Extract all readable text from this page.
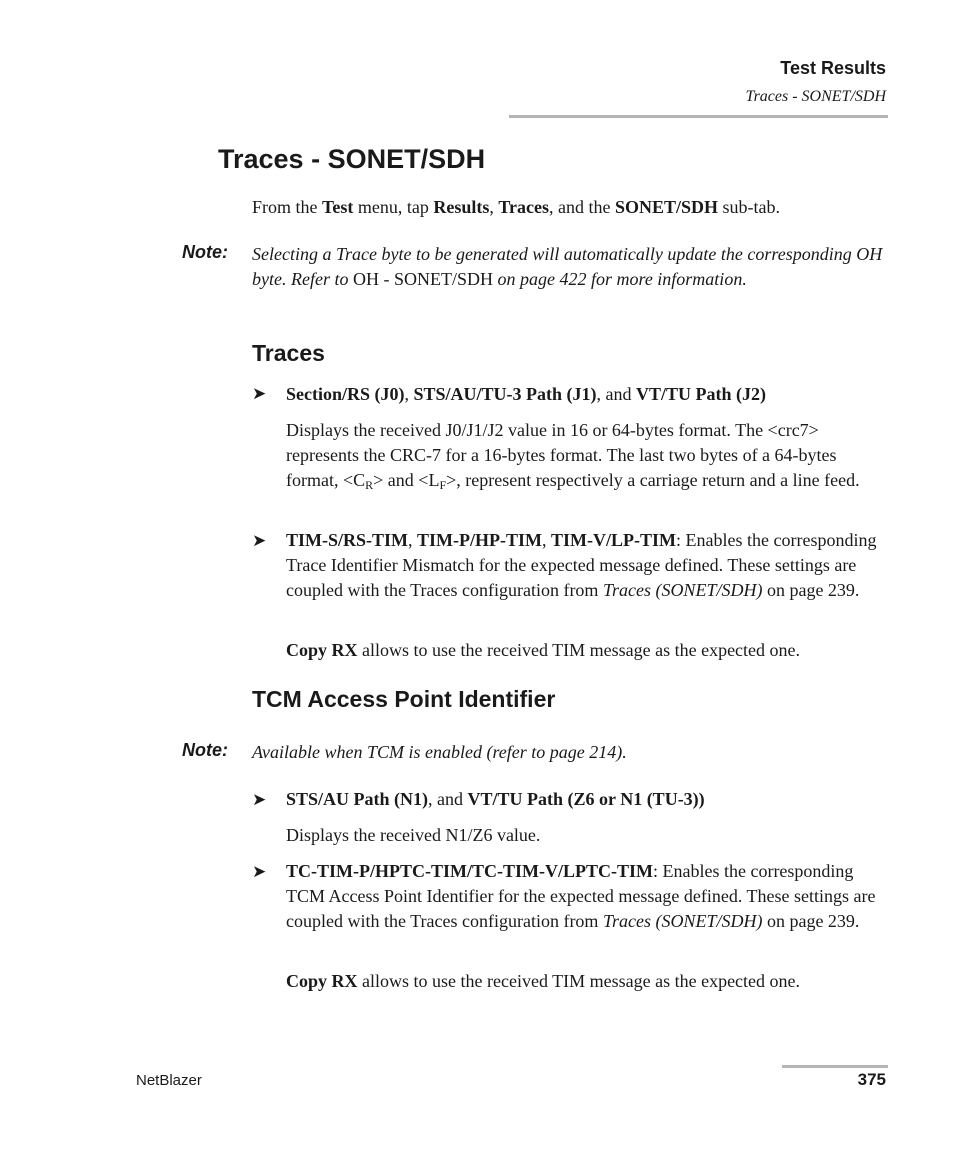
Test Results
Traces - SONET/SDH
Traces - SONET/SDH
From the Test menu, tap Results, Traces, and the SONET/SDH sub-tab.
Note: Selecting a Trace byte to be generated will automatically update the corresponding OH byte. Refer to OH - SONET/SDH on page 422 for more information.
Traces
➤ Section/RS (J0), STS/AU/TU-3 Path (J1), and VT/TU Path (J2)
Displays the received J0/J1/J2 value in 16 or 64-bytes format. The <crc7> represents the CRC-7 for a 16-bytes format. The last two bytes of a 64-bytes format, $<C_R>$ and $<L_F>$, represent respectively a carriage return and a line feed.
➤ TIM-S/RS-TIM, TIM-P/HP-TIM, TIM-V/LP-TIM: Enables the corresponding Trace Identifier Mismatch for the expected message defined. These settings are coupled with the Traces configuration from Traces (SONET/SDH) on page 239.
Copy RX allows to use the received TIM message as the expected one.
TCM Access Point Identifier
Note: Available when TCM is enabled (refer to page 214).
➤ STS/AU Path (N1), and VT/TU Path (Z6 or N1 (TU-3))
Displays the received N1/Z6 value.
➤ TC-TIM-P/HPTC-TIM/TC-TIM-V/LPTC-TIM: Enables the corresponding TCM Access Point Identifier for the expected message defined. These settings are coupled with the Traces configuration from Traces (SONET/SDH) on page 239.
Copy RX allows to use the received TIM message as the expected one.
NetBlazer	375
